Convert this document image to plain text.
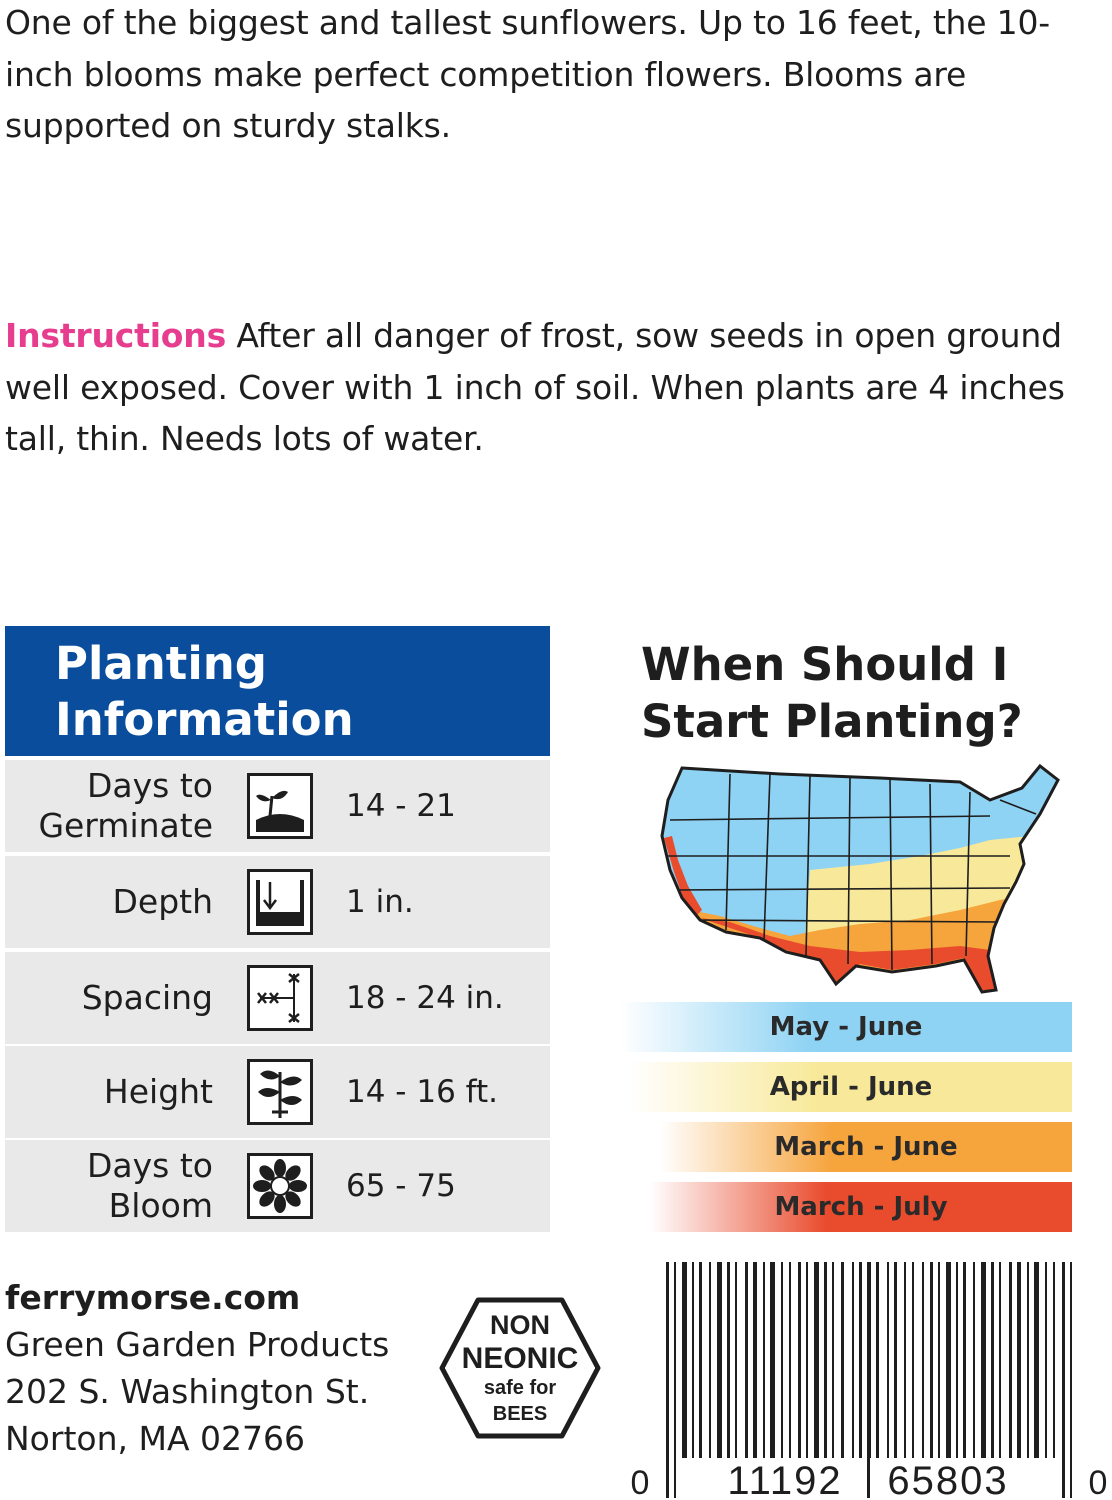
One of the biggest and tallest sunflowers. Up to 16 feet, the 10-inch blooms make perfect competition flowers. Blooms are supported on sturdy stalks.

Instructions After all danger of frost, sow seeds in open ground well exposed. Cover with 1 inch of soil. When plants are 4 inches tall, thin. Needs lots of water.

Planting
Information
Days to
Germinate	14 - 21
Depth	1 in.
Spacing	18 - 24 in.
Height	14 - 16 ft.
Days to
Bloom	65 - 75
When Should I
Start Planting?
May - June
April - June
March - June
March - July
ferrymorse.com
Green Garden Products
202 S. Washington St.
Norton, MA 02766
NON
NEONIC
safe for
BEES
0 11192 65803 0
